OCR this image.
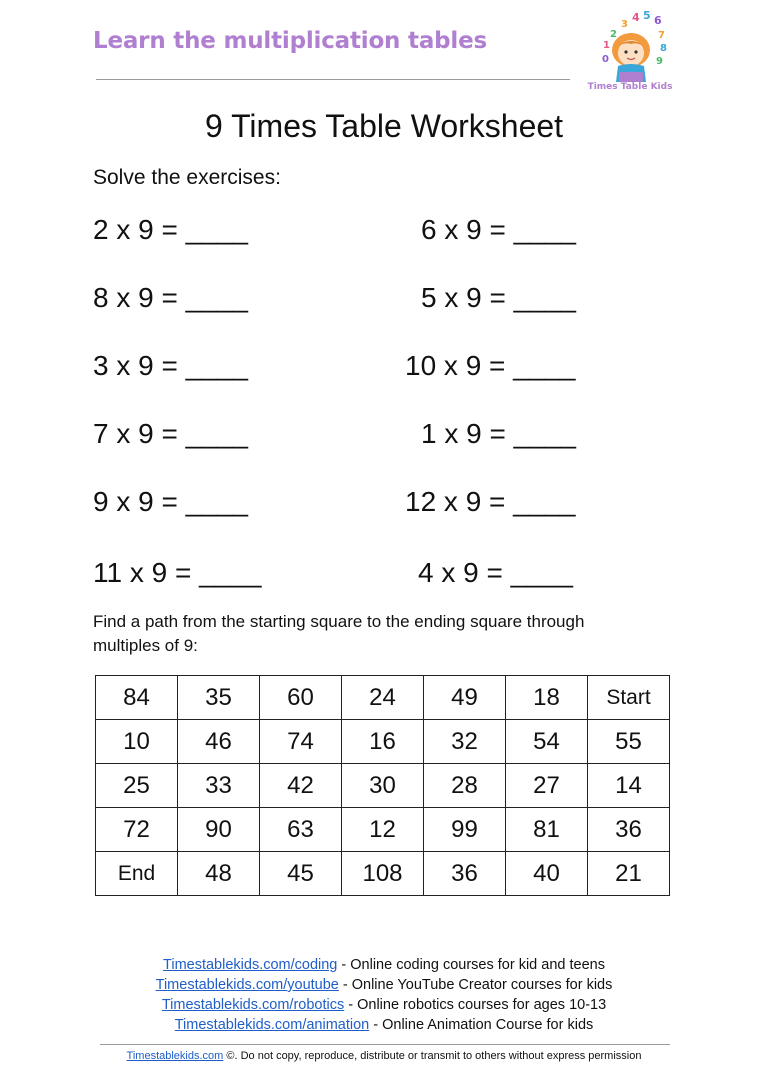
Learn the multiplication tables
4 5 6
3
2
1
7
8
9
0
Times Table Kids
9 Times Table Worksheet
Solve the exercises:
2 x 9 = ____	6 x 9 = ____
8 x 9 = ____	5 x 9 = ____
3 x 9 = ____	10 x 9 = ____
7 x 9 = ____	1 x 9 = ____
9 x 9 = ____	12 x 9 = ____
11 x 9 = ____	4 x 9 = ____
Find a path from the starting square to the ending square through multiples of 9:
84	35	60	24	49	18	Start
10	46	74	16	32	54	55
25	33	42	30	28	27	14
72	90	63	12	99	81	36
End	48	45	108	36	40	21
Timestablekids.com/coding - Online coding courses for kid and teens
Timestablekids.com/youtube - Online YouTube Creator courses for kids
Timestablekids.com/robotics - Online robotics courses for ages 10-13
Timestablekids.com/animation - Online Animation Course for kids
Timestablekids.com ©. Do not copy, reproduce, distribute or transmit to others without express permission
